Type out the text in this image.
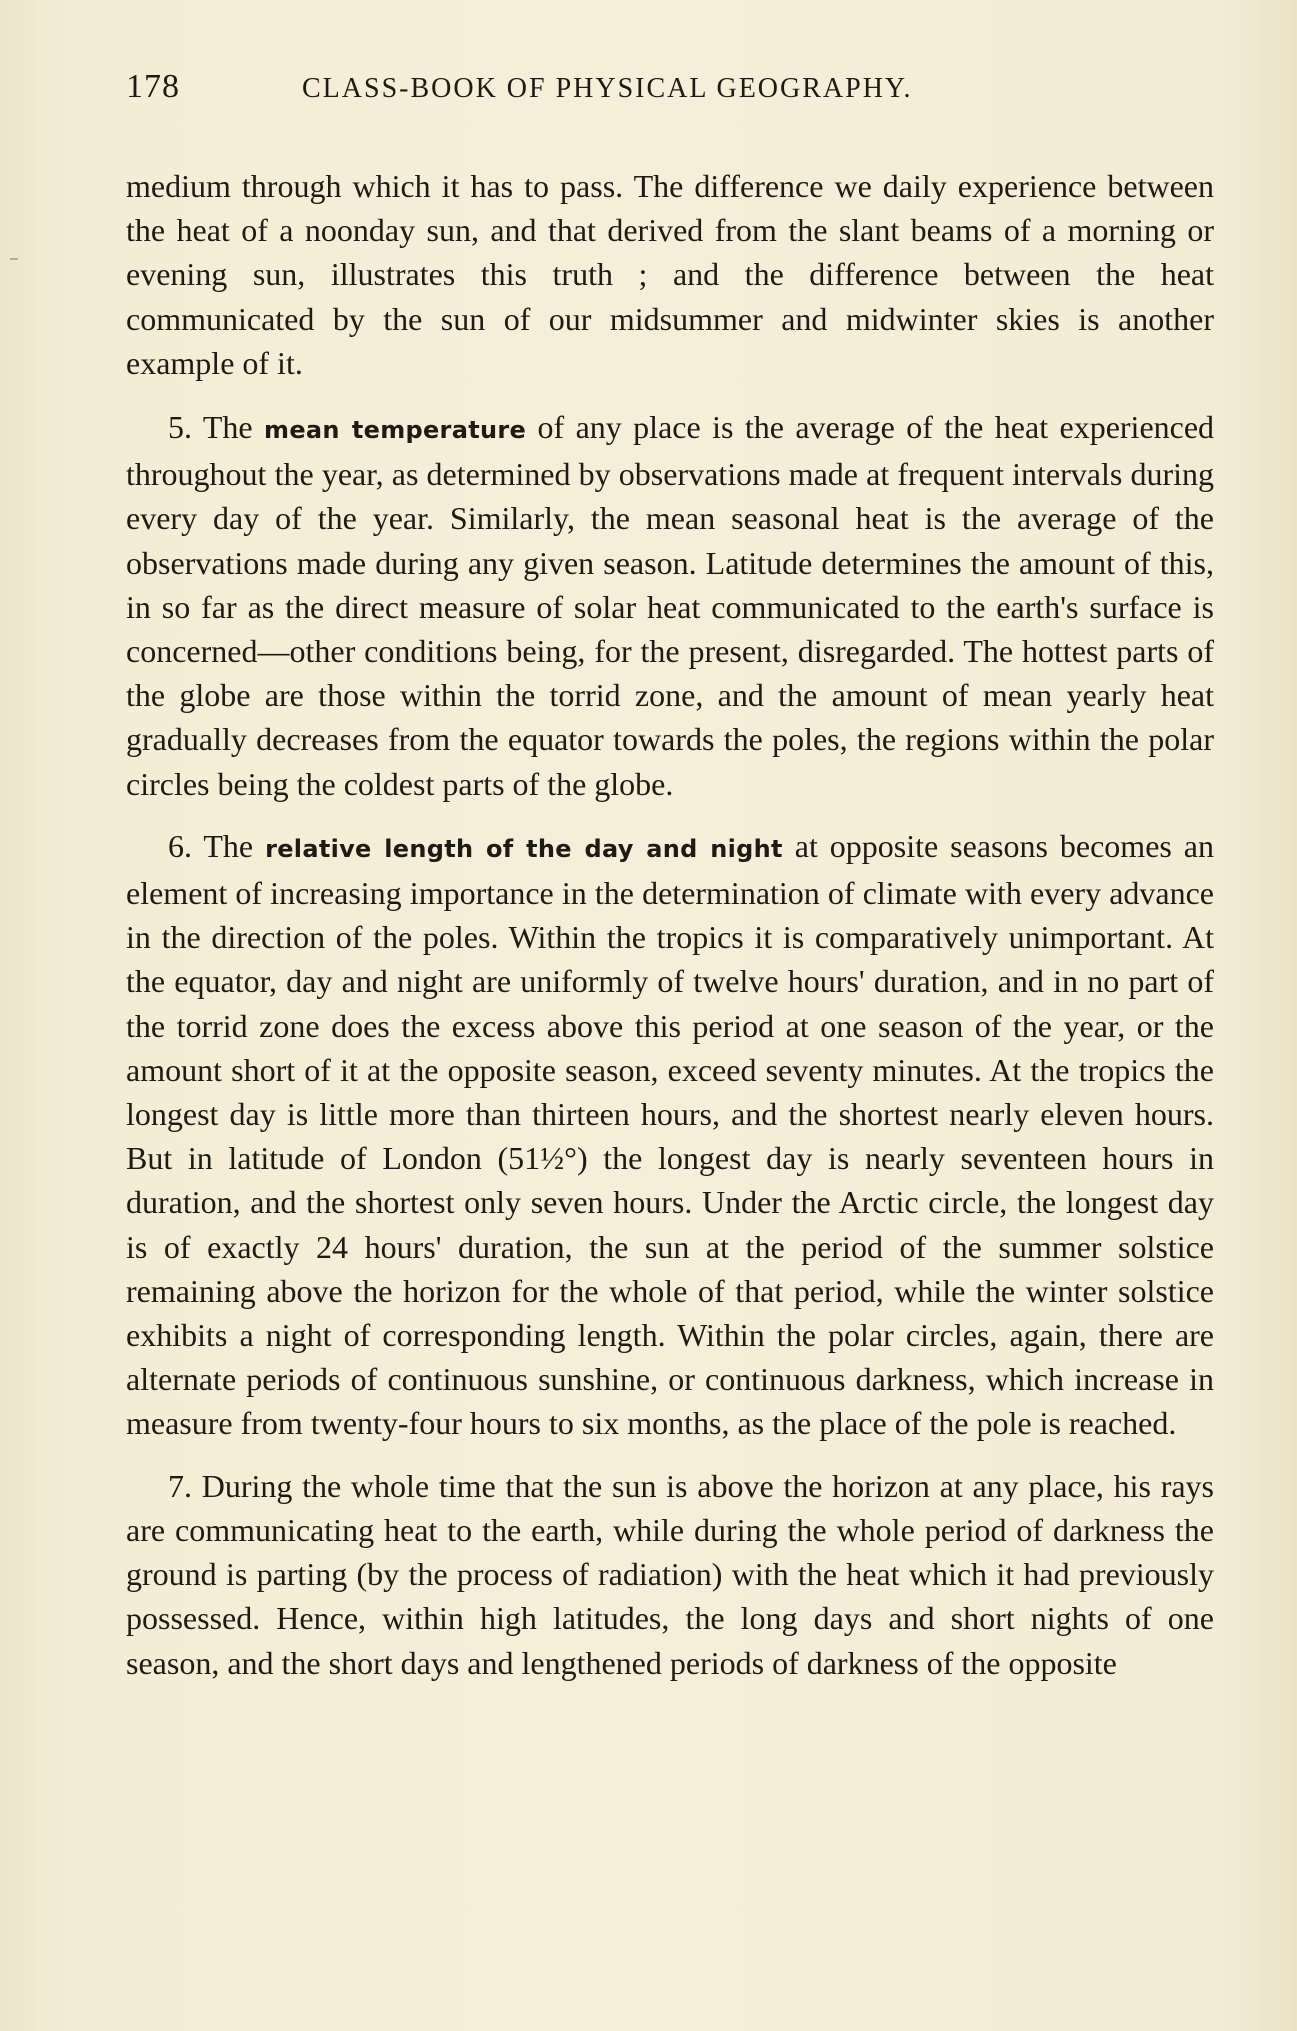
178	CLASS-BOOK OF PHYSICAL GEOGRAPHY.

medium through which it has to pass. The difference we daily experience between the heat of a noonday sun, and that derived from the slant beams of a morning or evening sun, illustrates this truth ; and the difference between the heat communicated by the sun of our midsummer and midwinter skies is another example of it.

5. The mean temperature of any place is the average of the heat experienced throughout the year, as determined by observations made at frequent intervals during every day of the year. Similarly, the mean seasonal heat is the average of the observations made during any given season. Latitude determines the amount of this, in so far as the direct measure of solar heat communicated to the earth's surface is concerned—other conditions being, for the present, disregarded. The hottest parts of the globe are those within the torrid zone, and the amount of mean yearly heat gradually decreases from the equator towards the poles, the regions within the polar circles being the coldest parts of the globe.

6. The relative length of the day and night at opposite seasons becomes an element of increasing importance in the determination of climate with every advance in the direction of the poles. Within the tropics it is comparatively unimportant. At the equator, day and night are uniformly of twelve hours' duration, and in no part of the torrid zone does the excess above this period at one season of the year, or the amount short of it at the opposite season, exceed seventy minutes. At the tropics the longest day is little more than thirteen hours, and the shortest nearly eleven hours. But in latitude of London (51½°) the longest day is nearly seventeen hours in duration, and the shortest only seven hours. Under the Arctic circle, the longest day is of exactly 24 hours' duration, the sun at the period of the summer solstice remaining above the horizon for the whole of that period, while the winter solstice exhibits a night of corresponding length. Within the polar circles, again, there are alternate periods of continuous sunshine, or continuous darkness, which increase in measure from twenty-four hours to six months, as the place of the pole is reached.

7. During the whole time that the sun is above the horizon at any place, his rays are communicating heat to the earth, while during the whole period of darkness the ground is parting (by the process of radiation) with the heat which it had previously possessed. Hence, within high latitudes, the long days and short nights of one season, and the short days and lengthened periods of darkness of the opposite
